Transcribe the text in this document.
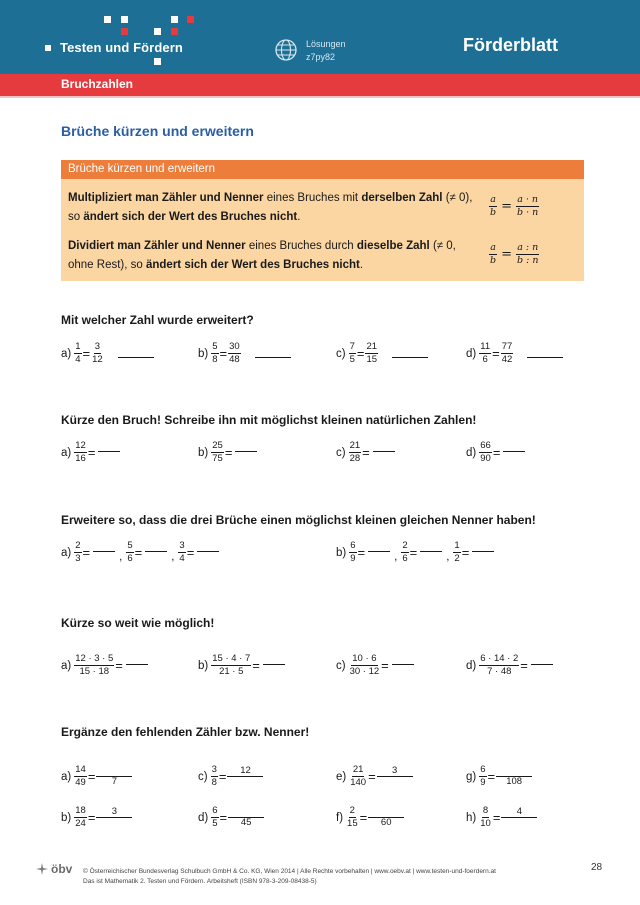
Testen und Fördern	Lösungen
z7py82
Förderblatt
Bruchzahlen
Brüche kürzen und erweitern
Brüche kürzen und erweitern
Multipliziert man Zähler und Nenner eines Bruches mit derselben Zahl (≠ 0), so ändert sich der Wert des Bruches nicht.
Dividiert man Zähler und Nenner eines Bruches durch dieselbe Zahl (≠ 0, ohne Rest), so ändert sich der Wert des Bruches nicht.
$\frac{a}{b} = \frac{a \cdot n}{b \cdot n}$
$\frac{a}{b} = \frac{a : n}{b : n}$
Mit welcher Zahl wurde erweitert?
$a) \frac{1}{4} = \frac{3}{12}$	$b) \frac{5}{8} = \frac{30}{48}$	$c) \frac{7}{5} = \frac{21}{15}$	$d) \frac{11}{6} = \frac{77}{42}$
Kürze den Bruch! Schreibe ihn mit möglichst kleinen natürlichen Zahlen!
$a) \frac{12}{16}$ =	$b) \frac{25}{75}$ =	$c) \frac{21}{28}$ =	$d) \frac{66}{90}$ =
Erweitere so, dass die drei Brüche einen möglichst kleinen gleichen Nenner haben!
$a) \frac{2}{3}$ =	, $\frac{5}{6}$ =	, $\frac{3}{4}$ =	$b) \frac{6}{9}$ =	, $\frac{2}{6}$ =	, $\frac{1}{2}$ =
Kürze so weit wie möglich!
$a) \frac{12 \cdot 3 \cdot 5}{15 \cdot 18}$ =	$b) \frac{15 \cdot 4 \cdot 7}{21 \cdot 5}$ =	$c) \frac{10 \cdot 6}{30 \cdot 12}$ =	$d) \frac{6 \cdot 14 \cdot 2}{7 \cdot 48}$ =
Ergänze den fehlenden Zähler bzw. Nenner!
$a) \frac{14}{49}$ =
	7
$b) \frac{18}{24}$ =	3

$c) \frac{3}{8}$ =	12

$d) \frac{6}{5}$ =
	45
$e) \frac{21}{140}$ =	3

$f) \frac{2}{15}$ =
	60
$g) \frac{6}{9}$ =
	108
$h) \frac{8}{10}$ =	4

öbv © Österreichischer Bundesverlag Schulbuch GmbH & Co. KG, Wien 2014 | Alle Rechte vorbehalten | www.oebv.at | www.testen-und-foerdern.at
Das ist Mathematik 2. Testen und Fördern. Arbeitsheft (ISBN 978-3-209-08438-5)
28
